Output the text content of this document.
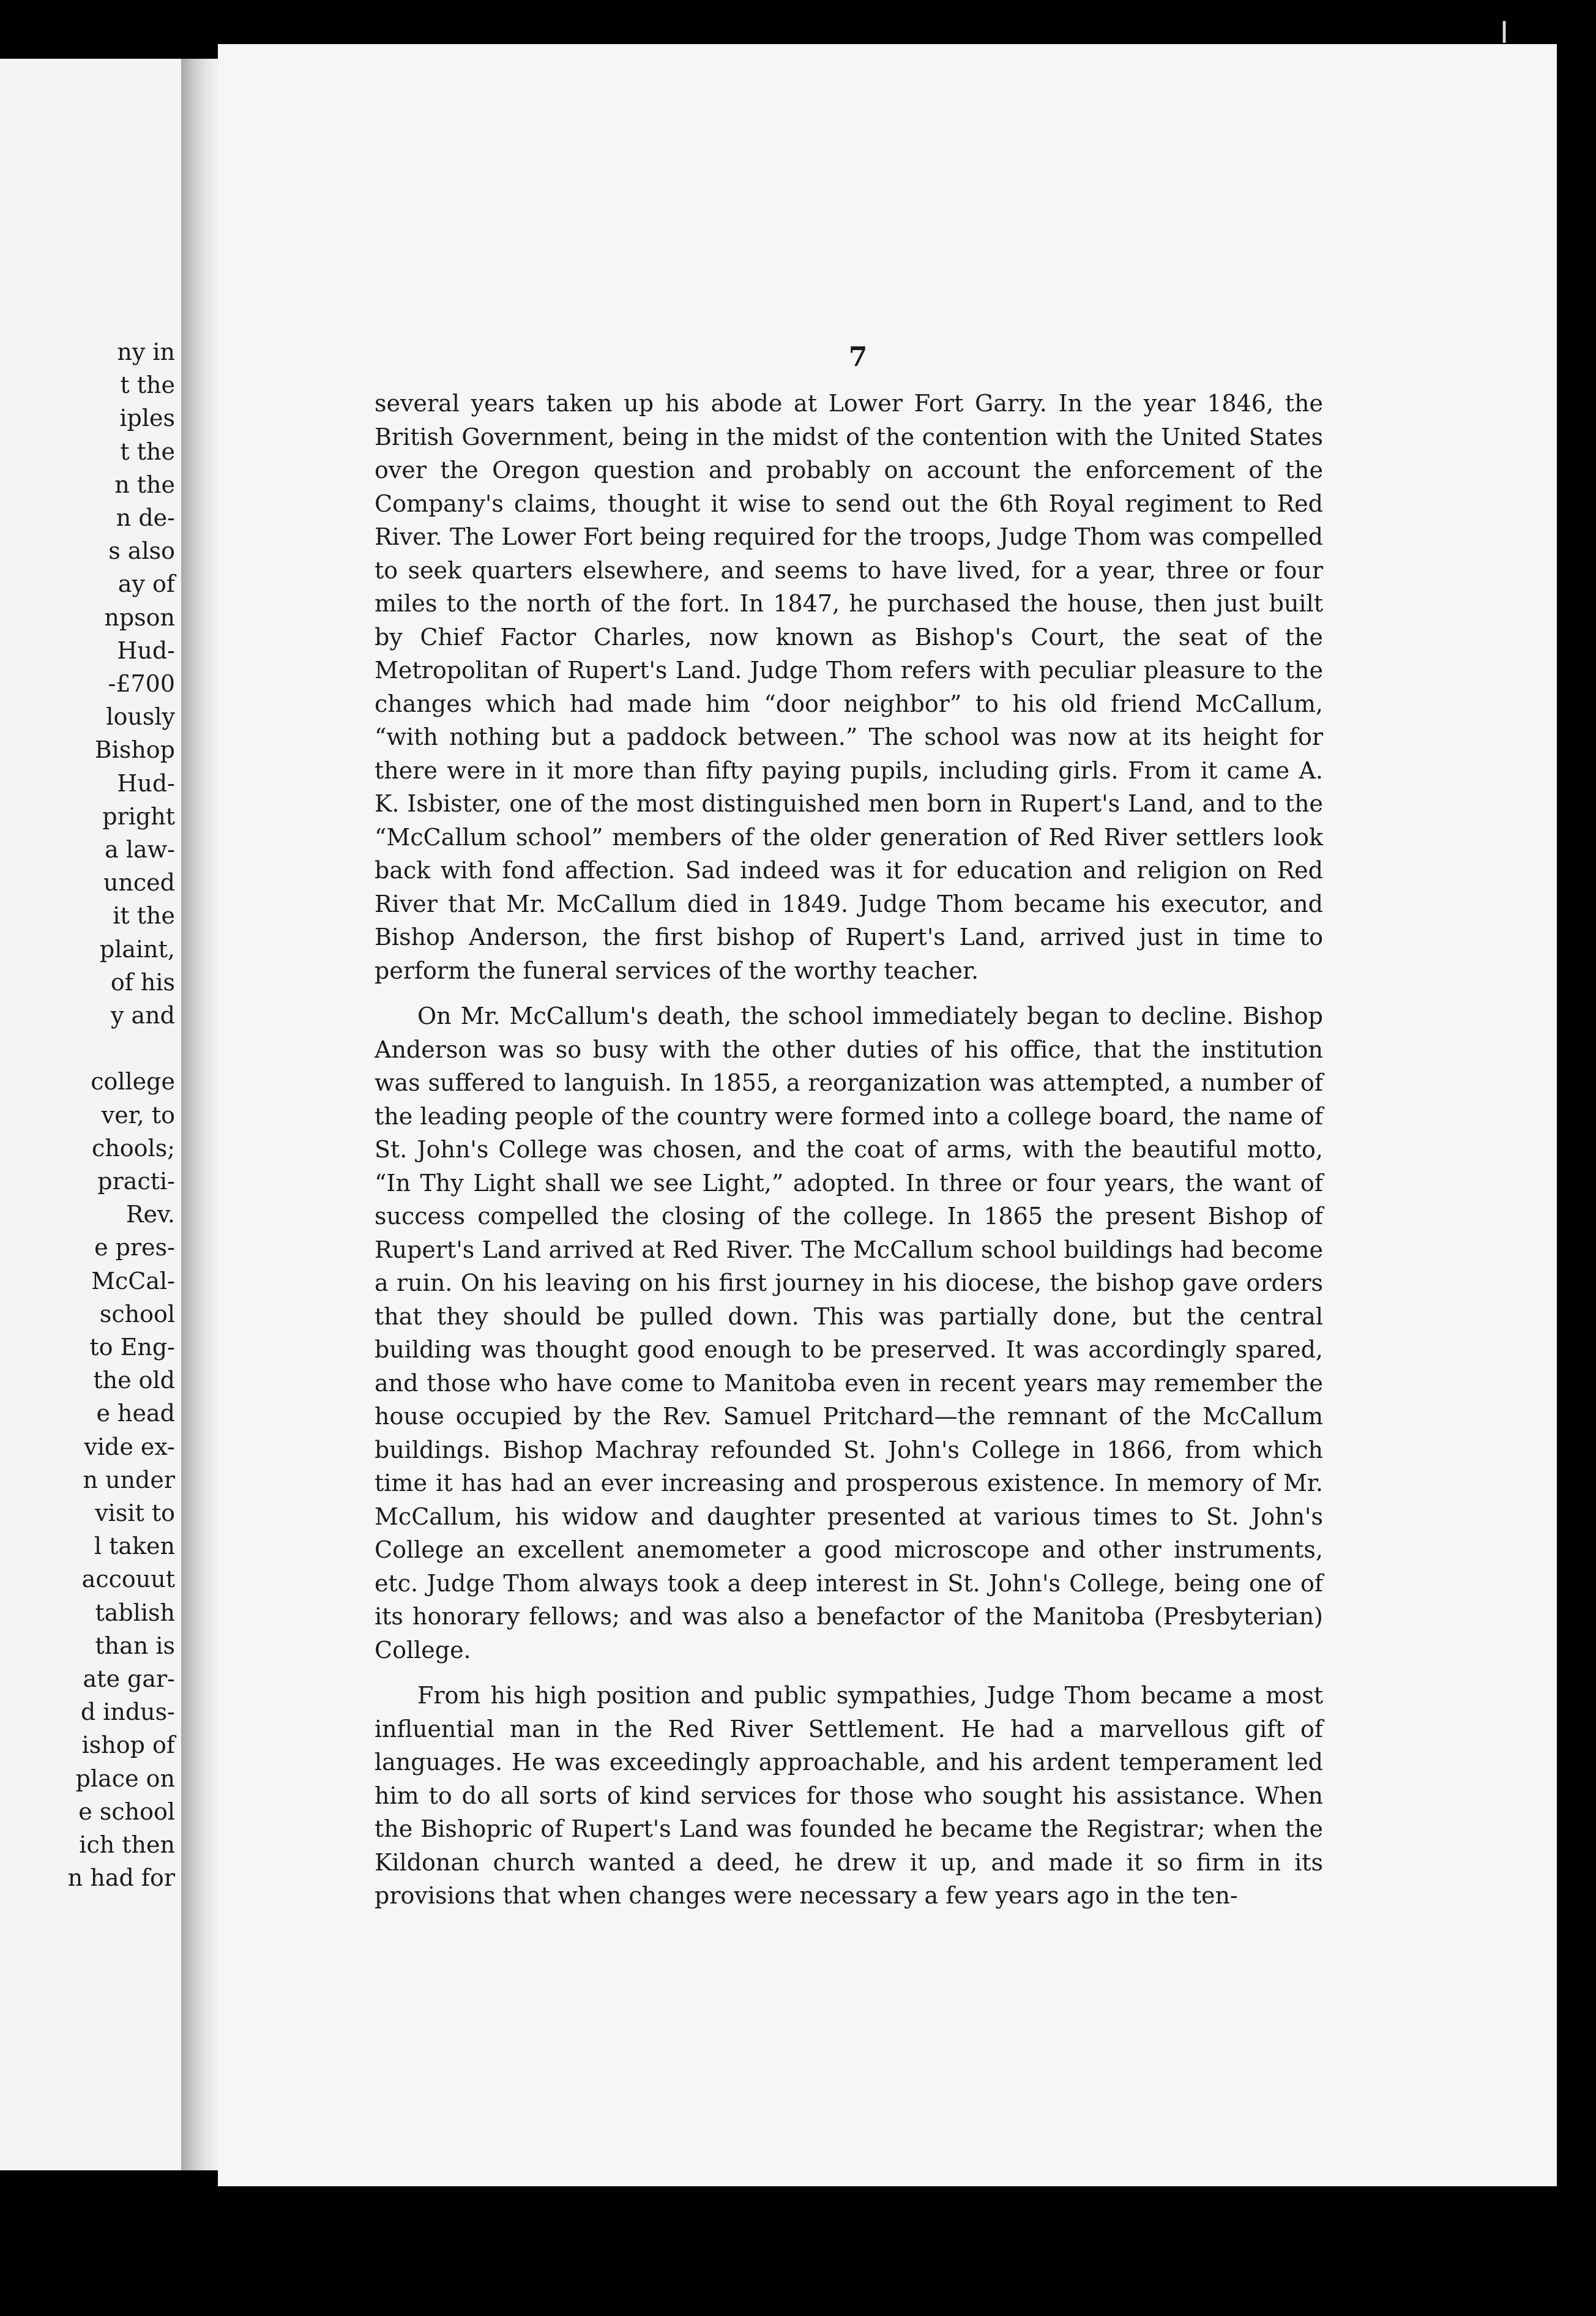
ny in
t the
iples
t the
n the
n de-
s also
ay of
npson
Hud-
-£700
lously
Bishop
Hud-
pright
a law-
unced
it the
plaint,
of his
y and
college
ver, to
chools;
practi-
Rev.
e pres-
McCal-
school
to Eng-
the old
e head
vide ex-
n under
visit to
l taken
accouut
tablish
than is
ate gar-
d indus-
ishop of
place on
e school
ich then
n had for
7

several years taken up his abode at Lower Fort Garry. In the year 1846, the British Government, being in the midst of the contention with the United States over the Oregon question and probably on account the enforcement of the Company's claims, thought it wise to send out the 6th Royal regiment to Red River. The Lower Fort being required for the troops, Judge Thom was compelled to seek quarters elsewhere, and seems to have lived, for a year, three or four miles to the north of the fort. In 1847, he purchased the house, then just built by Chief Factor Charles, now known as Bishop's Court, the seat of the Metropolitan of Rupert's Land. Judge Thom refers with peculiar pleasure to the changes which had made him “door neighbor” to his old friend McCallum, “with nothing but a paddock between.” The school was now at its height for there were in it more than fifty paying pupils, including girls. From it came A. K. Isbister, one of the most distinguished men born in Rupert's Land, and to the “McCallum school” members of the older generation of Red River settlers look back with fond affection. Sad indeed was it for education and religion on Red River that Mr. McCallum died in 1849. Judge Thom became his executor, and Bishop Anderson, the first bishop of Rupert's Land, arrived just in time to perform the funeral services of the worthy teacher.

On Mr. McCallum's death, the school immediately began to decline. Bishop Anderson was so busy with the other duties of his office, that the institution was suffered to languish. In 1855, a reorganization was attempted, a number of the leading people of the country were formed into a college board, the name of St. John's College was chosen, and the coat of arms, with the beautiful motto, “In Thy Light shall we see Light,” adopted. In three or four years, the want of success compelled the closing of the college. In 1865 the present Bishop of Rupert's Land arrived at Red River. The McCallum school buildings had become a ruin. On his leaving on his first journey in his diocese, the bishop gave orders that they should be pulled down. This was partially done, but the central building was thought good enough to be preserved. It was accordingly spared, and those who have come to Manitoba even in recent years may remember the house occupied by the Rev. Samuel Pritchard—the remnant of the McCallum buildings. Bishop Machray refounded St. John's College in 1866, from which time it has had an ever increasing and prosperous existence. In memory of Mr. McCallum, his widow and daughter presented at various times to St. John's College an excellent anemometer a good microscope and other instruments, etc. Judge Thom always took a deep interest in St. John's College, being one of its honorary fellows; and was also a benefactor of the Manitoba (Presbyterian) College.

From his high position and public sympathies, Judge Thom became a most influential man in the Red River Settlement. He had a marvellous gift of languages. He was exceedingly approachable, and his ardent temperament led him to do all sorts of kind services for those who sought his assistance. When the Bishopric of Rupert's Land was founded he became the Registrar; when the Kildonan church wanted a deed, he drew it up, and made it so firm in its provisions that when changes were necessary a few years ago in the ten-

╷
